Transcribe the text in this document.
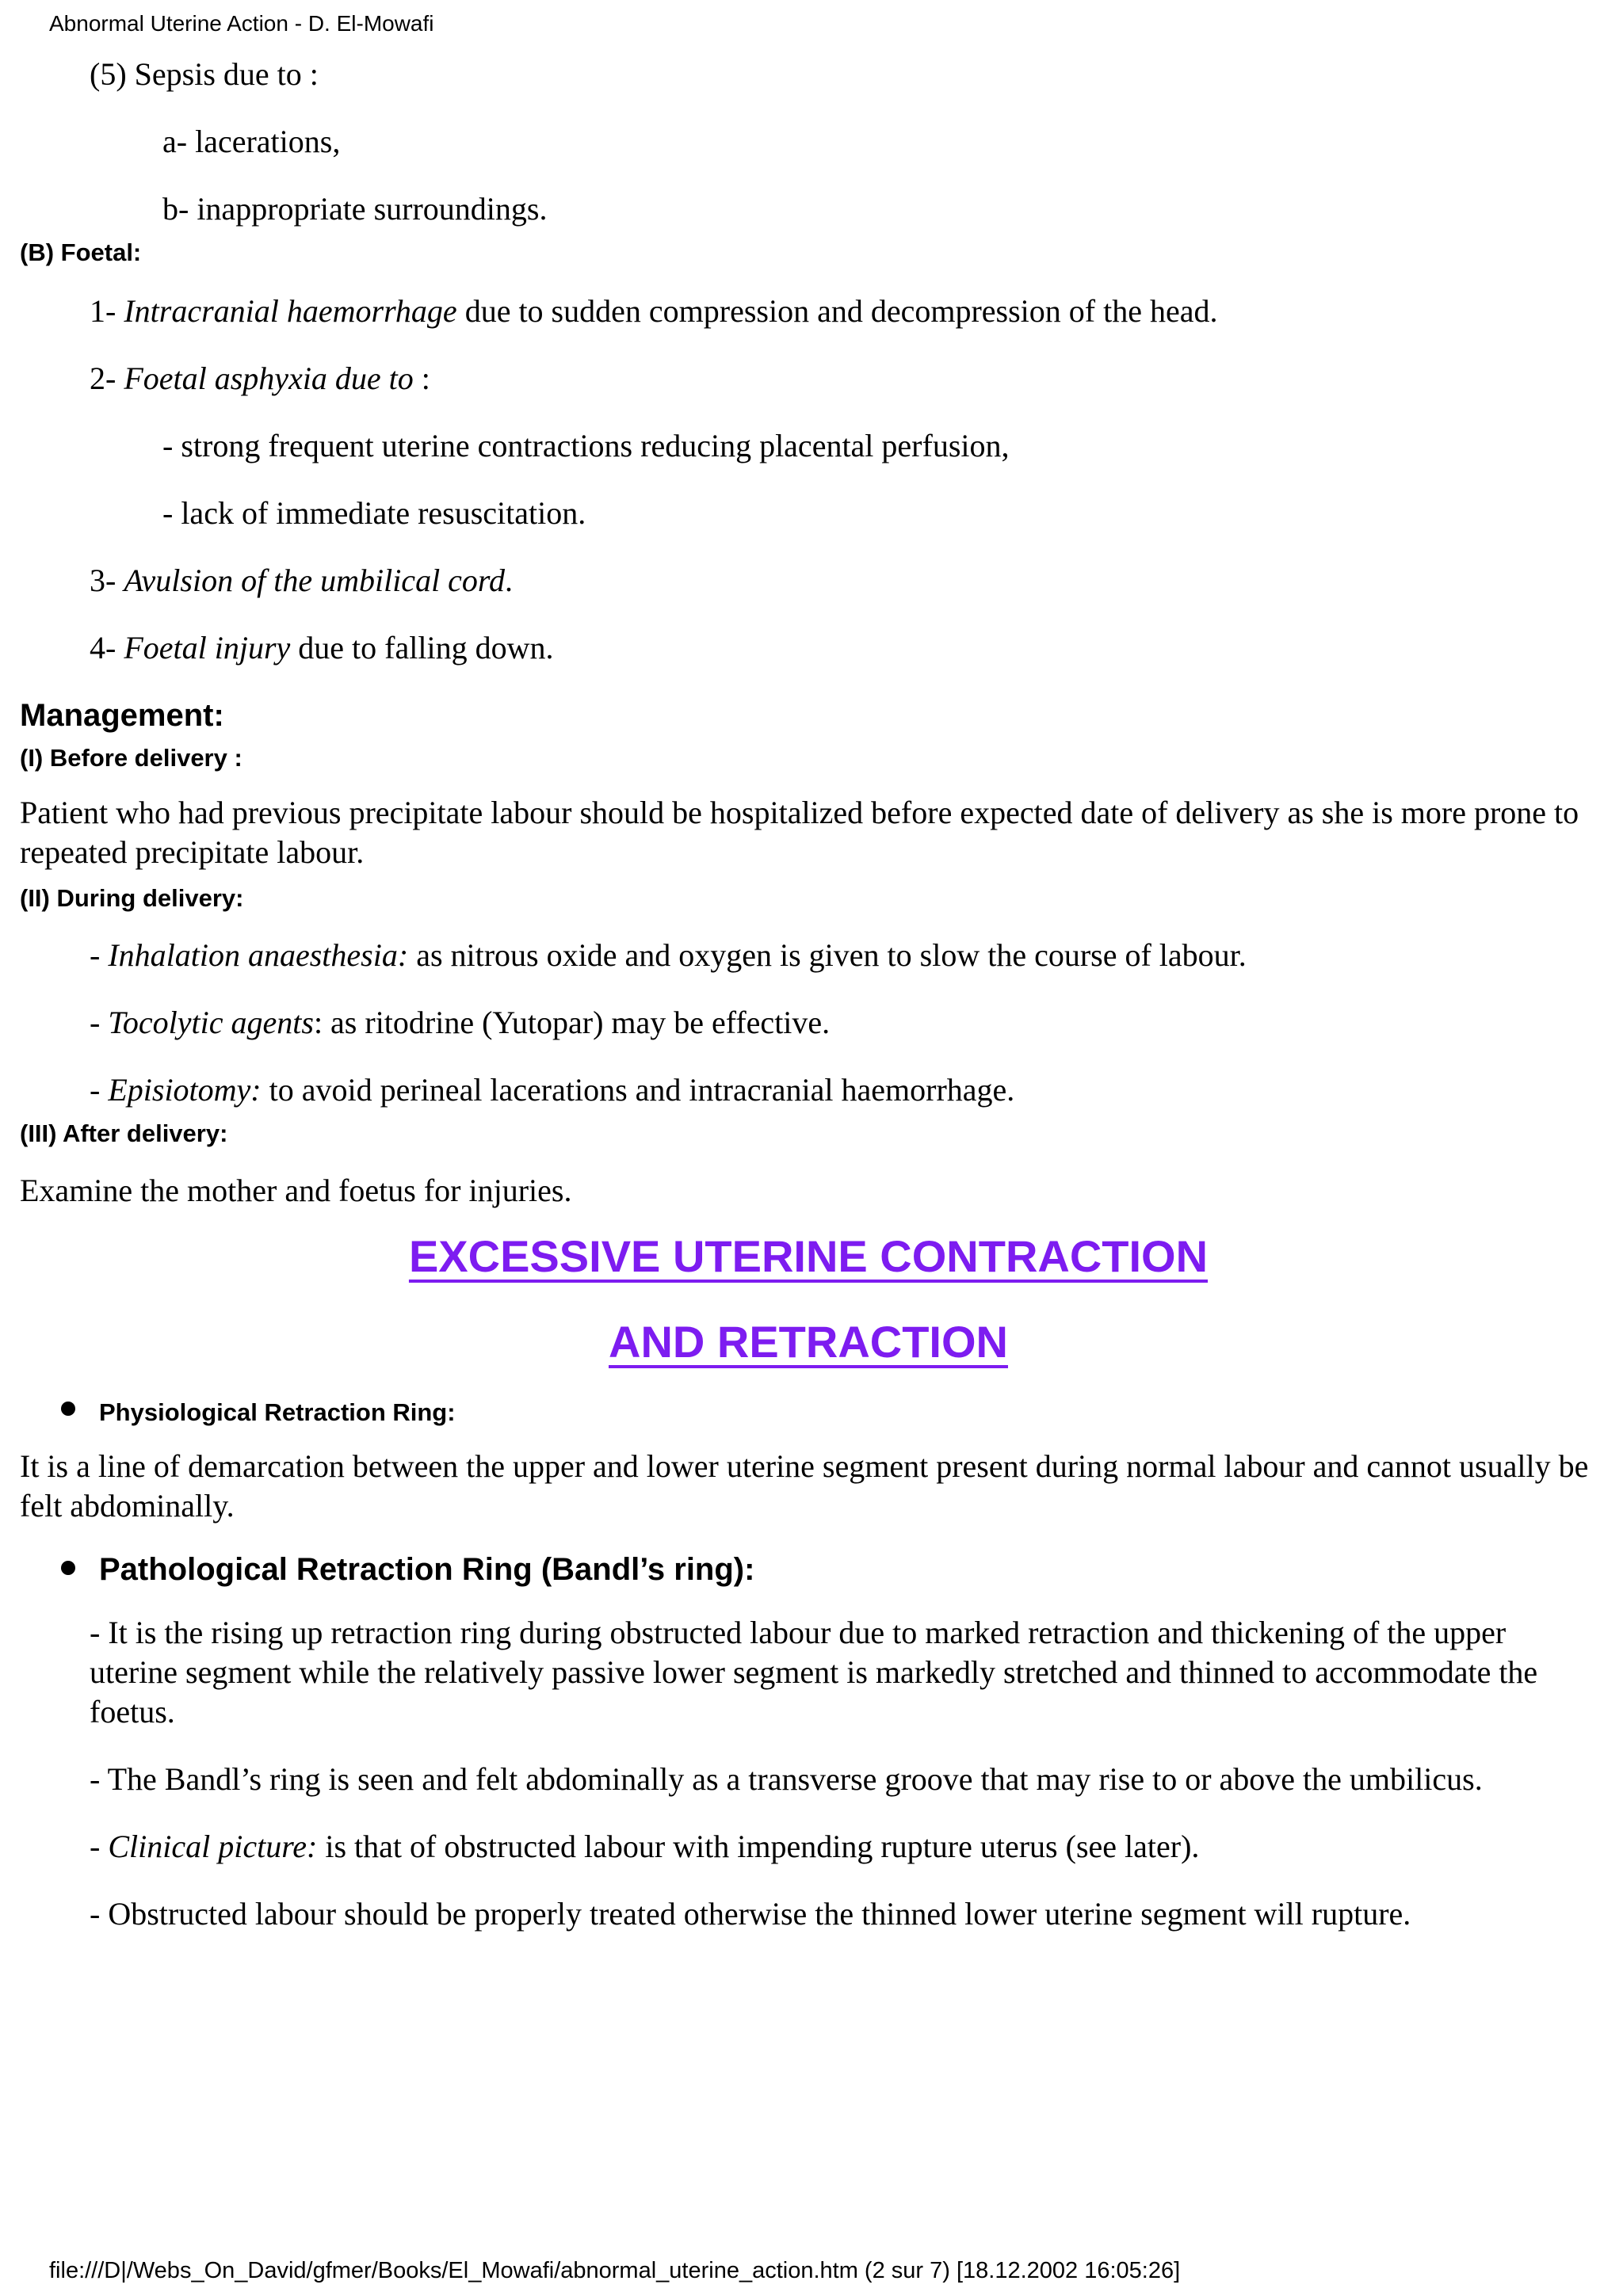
Abnormal Uterine Action - D. El-Mowafi

(5) Sepsis due to :

a- lacerations,

b- inappropriate surroundings.

(B) Foetal:

1- Intracranial haemorrhage due to sudden compression and decompression of the head.

2- Foetal asphyxia due to :

- strong frequent uterine contractions reducing placental perfusion,

- lack of immediate resuscitation.

3- Avulsion of the umbilical cord.

4- Foetal injury due to falling down.

Management:

(I) Before delivery :

Patient who had previous precipitate labour should be hospitalized before expected date of delivery as she is more prone to repeated precipitate labour.

(II) During delivery:

- Inhalation anaesthesia: as nitrous oxide and oxygen is given to slow the course of labour.

- Tocolytic agents: as ritodrine (Yutopar) may be effective.

- Episiotomy: to avoid perineal lacerations and intracranial haemorrhage.

(III) After delivery:

Examine the mother and foetus for injuries.

EXCESSIVE UTERINE CONTRACTION

AND RETRACTION

Physiological Retraction Ring:

It is a line of demarcation between the upper and lower uterine segment present during normal labour and cannot usually be felt abdominally.

Pathological Retraction Ring (Bandl’s ring):

- It is the rising up retraction ring during obstructed labour due to marked retraction and thickening of the upper uterine segment while the relatively passive lower segment is markedly stretched and thinned to accommodate the foetus.

- The Bandl’s ring is seen and felt abdominally as a transverse groove that may rise to or above the umbilicus.

- Clinical picture: is that of obstructed labour with impending rupture uterus (see later).

- Obstructed labour should be properly treated otherwise the thinned lower uterine segment will rupture.

file:///D|/Webs_On_David/gfmer/Books/El_Mowafi/abnormal_uterine_action.htm (2 sur 7) [18.12.2002 16:05:26]
